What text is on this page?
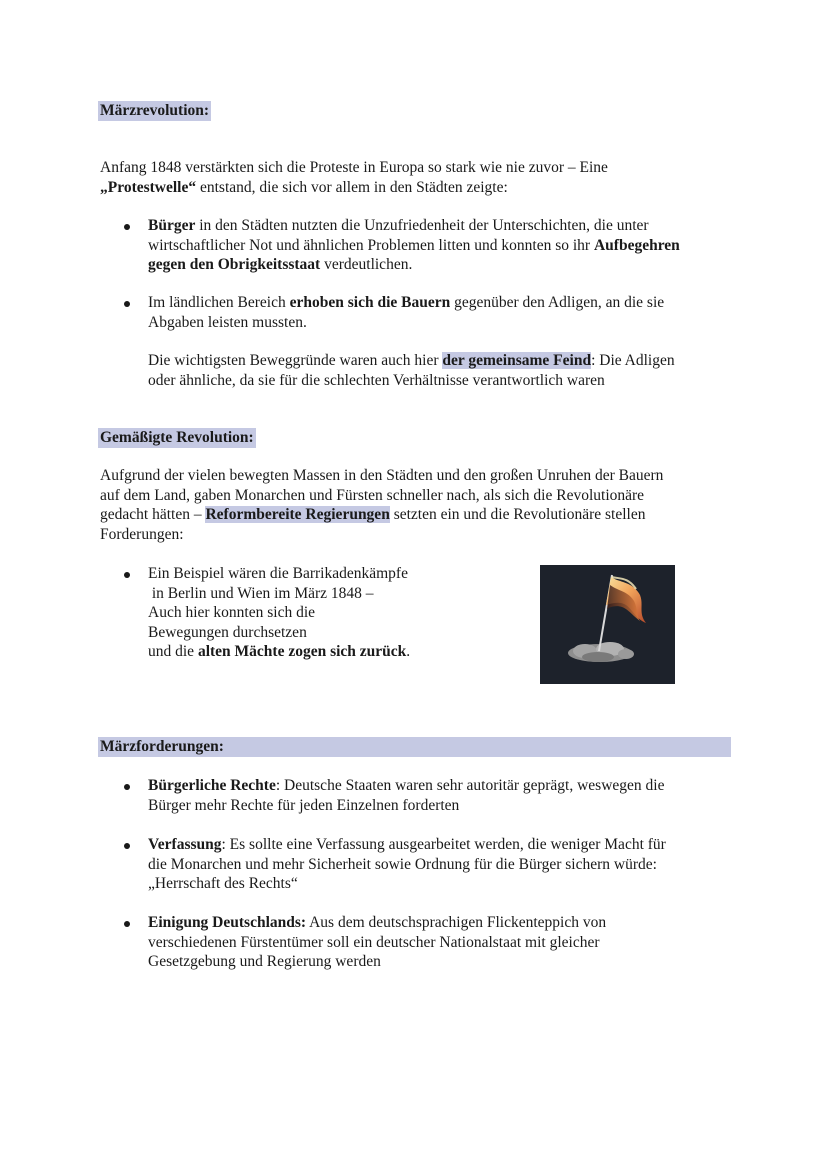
Märzrevolution:
Anfang 1848 verstärkten sich die Proteste in Europa so stark wie nie zuvor – Eine
„Protestwelle“ entstand, die sich vor allem in den Städten zeigte:
Bürger in den Städten nutzten die Unzufriedenheit der Unterschichten, die unter
wirtschaftlicher Not und ähnlichen Problemen litten und konnten so ihr Aufbegehren
gegen den Obrigkeitsstaat verdeutlichen.
Im ländlichen Bereich erhoben sich die Bauern gegenüber den Adligen, an die sie
Abgaben leisten mussten.
Die wichtigsten Beweggründe waren auch hier der gemeinsame Feind: Die Adligen
oder ähnliche, da sie für die schlechten Verhältnisse verantwortlich waren
Gemäßigte Revolution:
Aufgrund der vielen bewegten Massen in den Städten und den großen Unruhen der Bauern
auf dem Land, gaben Monarchen und Fürsten schneller nach, als sich die Revolutionäre
gedacht hätten – Reformbereite Regierungen setzten ein und die Revolutionäre stellen
Forderungen:
Ein Beispiel wären die Barrikadenkämpfe
in Berlin und Wien im März 1848 –
Auch hier konnten sich die
Bewegungen durchsetzen
und die alten Mächte zogen sich zurück.
Märzforderungen:
Bürgerliche Rechte: Deutsche Staaten waren sehr autoritär geprägt, weswegen die
Bürger mehr Rechte für jeden Einzelnen forderten
Verfassung: Es sollte eine Verfassung ausgearbeitet werden, die weniger Macht für
die Monarchen und mehr Sicherheit sowie Ordnung für die Bürger sichern würde:
„Herrschaft des Rechts“
Einigung Deutschlands: Aus dem deutschsprachigen Flickenteppich von
verschiedenen Fürstentümer soll ein deutscher Nationalstaat mit gleicher
Gesetzgebung und Regierung werden
